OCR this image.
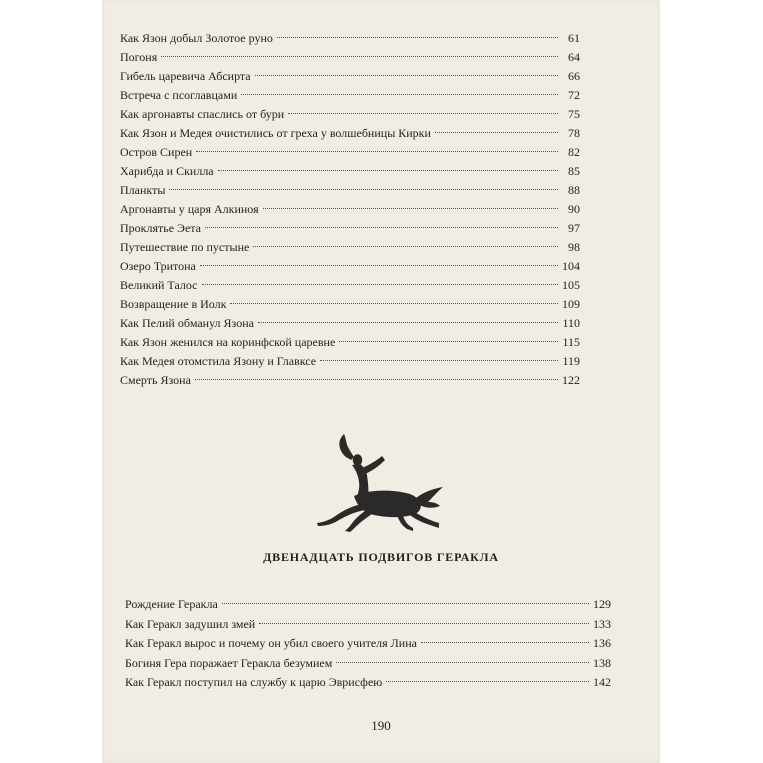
Как Язон добыл Золотое руно	61
Погоня	64
Гибель царевича Абсирта	66
Встреча с псоглавцами	72
Как аргонавты спаслись от бури	75
Как Язон и Медея очистились от греха у волшебницы Кирки	78
Остров Сирен	82
Харибда и Скилла	85
Планкты	88
Аргонавты у царя Алкиноя	90
Проклятье Эета	97
Путешествие по пустыне	98
Озеро Тритона	104
Великий Талос	105
Возвращение в Иолк	109
Как Пелий обманул Язона	110
Как Язон женился на коринфской царевне	115
Как Медея отомстила Язону и Главксе	119
Смерть Язона	122
ДВЕНАДЦАТЬ ПОДВИГОВ ГЕРАКЛА
Рождение Геракла	129
Как Геракл задушил змей	133
Как Геракл вырос и почему он убил своего учителя Лина	136
Богиня Гера поражает Геракла безумием	138
Как Геракл поступил на службу к царю Эврисфею	142
190
